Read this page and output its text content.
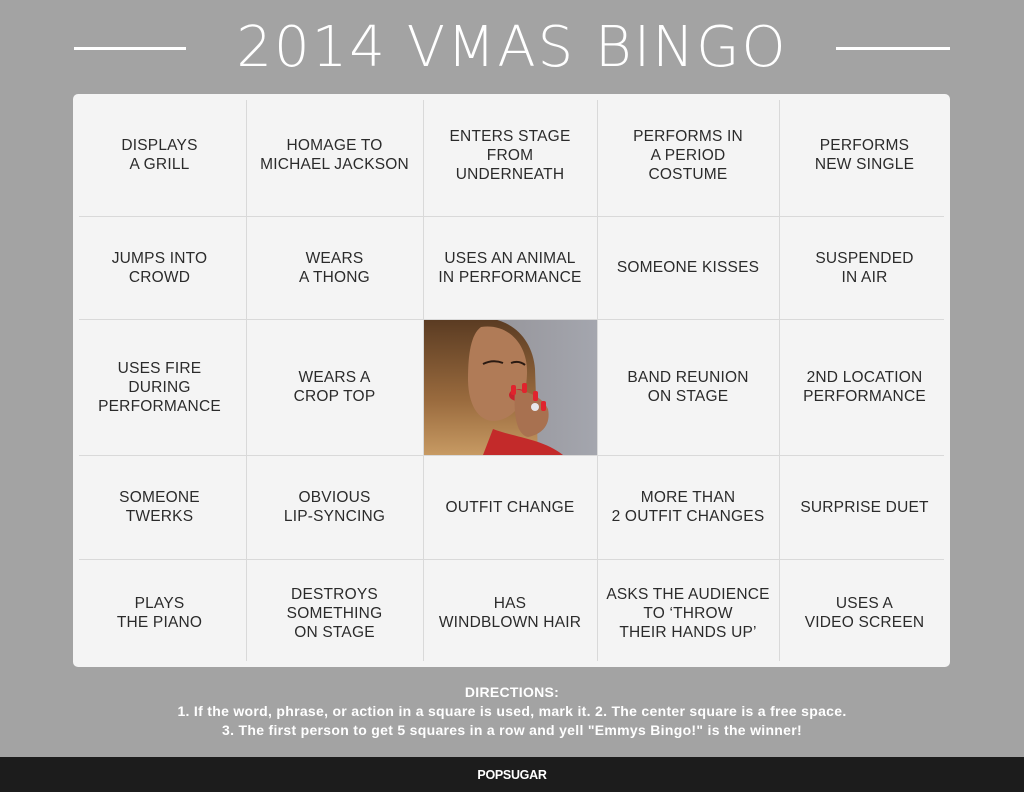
2014 VMAS BINGO
DISPLAYS
A GRILL
HOMAGE TO
MICHAEL JACKSON
ENTERS STAGE
FROM
UNDERNEATH
PERFORMS IN
A PERIOD
COSTUME
PERFORMS
NEW SINGLE
JUMPS INTO
CROWD
WEARS
A THONG
USES AN ANIMAL
IN PERFORMANCE
SOMEONE KISSES
SUSPENDED
IN AIR
USES FIRE
DURING
PERFORMANCE
WEARS A
CROP TOP
BAND REUNION
ON STAGE
2ND LOCATION
PERFORMANCE
SOMEONE
TWERKS
OBVIOUS
LIP-SYNCING
OUTFIT CHANGE
MORE THAN
2 OUTFIT CHANGES
SURPRISE DUET
PLAYS
THE PIANO
DESTROYS
SOMETHING
ON STAGE
HAS
WINDBLOWN HAIR
ASKS THE AUDIENCE
TO ‘THROW
THEIR HANDS UP’
USES A
VIDEO SCREEN
DIRECTIONS:
1. If the word, phrase, or action in a square is used, mark it. 2. The center square is a free space.
3. The first person to get 5 squares in a row and yell "Emmys Bingo!" is the winner!
POPSUGAR
